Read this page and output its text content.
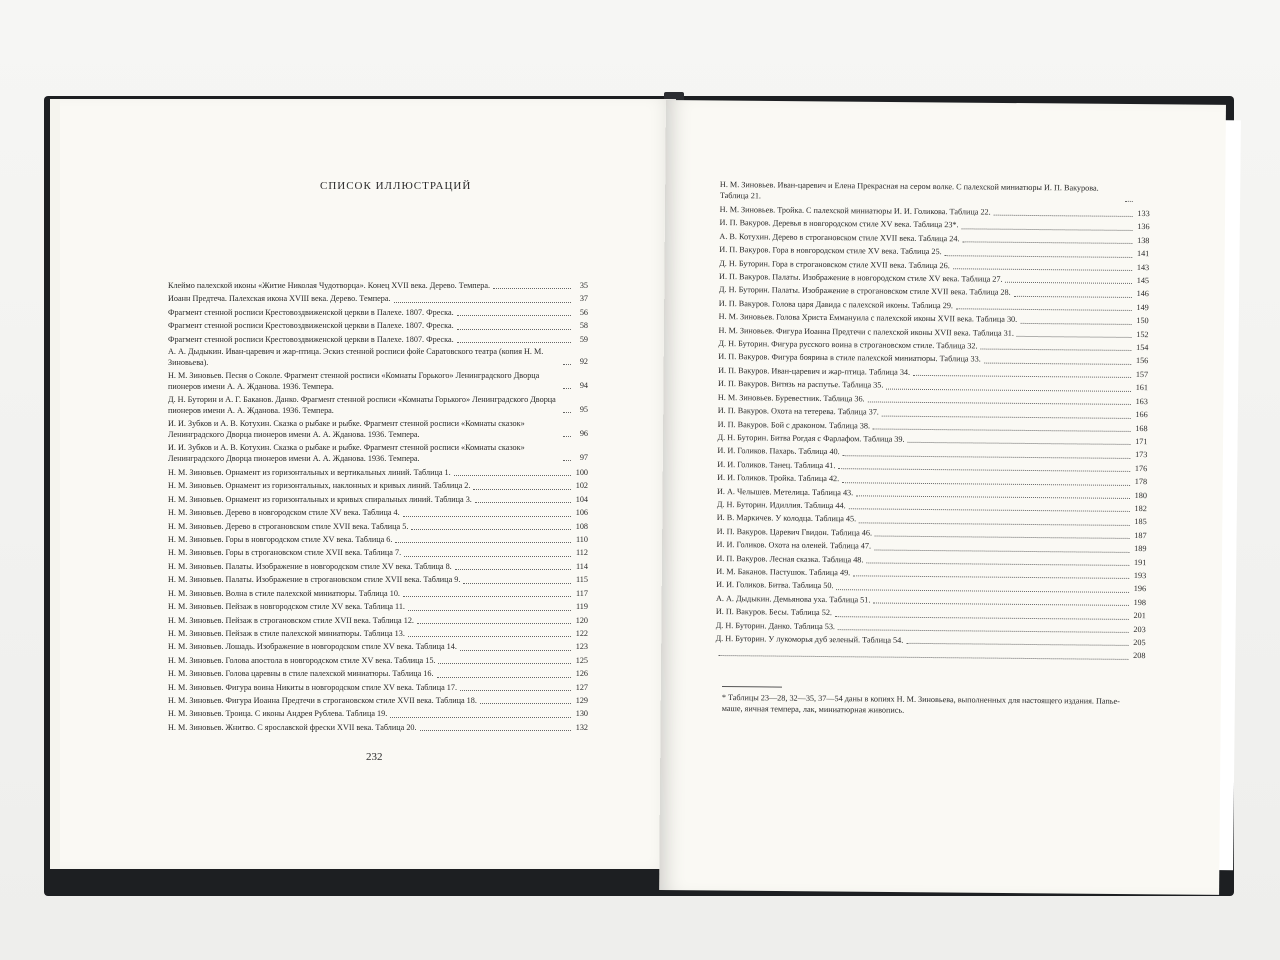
СПИСОК ИЛЛЮСТРАЦИЙ
Клеймо палехской иконы «Житие Николая Чудотворца». Конец XVII века. Дерево. Темпера.	35
Иоанн Предтеча. Палехская икона XVIII века. Дерево. Темпера.	37
Фрагмент стенной росписи Крестовоздвиженской церкви в Палехе. 1807. Фреска.	56
Фрагмент стенной росписи Крестовоздвиженской церкви в Палехе. 1807. Фреска.	58
Фрагмент стенной росписи Крестовоздвиженской церкви в Палехе. 1807. Фреска.	59
А. А. Дыдыкин. Иван-царевич и жар-птица. Эскиз стенной росписи фойе Саратовского театра (копия Н. М. Зиновьева).	92
Н. М. Зиновьев. Песня о Соколе. Фрагмент стенной росписи «Комнаты Горького» Ленинградского Дворца пионеров имени А. А. Жданова. 1936. Темпера.	94
Д. Н. Буторин и А. Г. Баканов. Данко. Фрагмент стенной росписи «Комнаты Горького» Ленинградского Дворца пионеров имени А. А. Жданова. 1936. Темпера.	95
И. И. Зубков и А. В. Котухин. Сказка о рыбаке и рыбке. Фрагмент стенной росписи «Комнаты сказок» Ленинградского Дворца пионеров имени А. А. Жданова. 1936. Темпера.	96
И. И. Зубков и А. В. Котухин. Сказка о рыбаке и рыбке. Фрагмент стенной росписи «Комнаты сказок» Ленинградского Дворца пионеров имени А. А. Жданова. 1936. Темпера.	97
Н. М. Зиновьев. Орнамент из горизонтальных и вертикальных линий. Таблица 1.	100
Н. М. Зиновьев. Орнамент из горизонтальных, наклонных и кривых линий. Таблица 2.	102
Н. М. Зиновьев. Орнамент из горизонтальных и кривых спиральных линий. Таблица 3.	104
Н. М. Зиновьев. Дерево в новгородском стиле XV века. Таблица 4.	106
Н. М. Зиновьев. Дерево в строгановском стиле XVII века. Таблица 5.	108
Н. М. Зиновьев. Горы в новгородском стиле XV века. Таблица 6.	110
Н. М. Зиновьев. Горы в строгановском стиле XVII века. Таблица 7.	112
Н. М. Зиновьев. Палаты. Изображение в новгородском стиле XV века. Таблица 8.	114
Н. М. Зиновьев. Палаты. Изображение в строгановском стиле XVII века. Таблица 9.	115
Н. М. Зиновьев. Волна в стиле палехской миниатюры. Таблица 10.	117
Н. М. Зиновьев. Пейзаж в новгородском стиле XV века. Таблица 11.	119
Н. М. Зиновьев. Пейзаж в строгановском стиле XVII века. Таблица 12.	120
Н. М. Зиновьев. Пейзаж в стиле палехской миниатюры. Таблица 13.	122
Н. М. Зиновьев. Лошадь. Изображение в новгородском стиле XV века. Таблица 14.	123
Н. М. Зиновьев. Голова апостола в новгородском стиле XV века. Таблица 15.	125
Н. М. Зиновьев. Голова царевны в стиле палехской миниатюры. Таблица 16.	126
Н. М. Зиновьев. Фигура воина Никиты в новгородском стиле XV века. Таблица 17.	127
Н. М. Зиновьев. Фигура Иоанна Предтечи в строгановском стиле XVII века. Таблица 18.	129
Н. М. Зиновьев. Троица. С иконы Андрея Рублева. Таблица 19.	130
Н. М. Зиновьев. Жнитво. С ярославской фрески XVII века. Таблица 20.	132
232
Н. М. Зиновьев. Иван-царевич и Елена Прекрасная на сером волке. С палехской миниатюры И. П. Вакурова. Таблица 21.
Н. М. Зиновьев. Тройка. С палехской миниатюры И. И. Голикова. Таблица 22.	133
И. П. Вакуров. Деревья в новгородском стиле XV века. Таблица 23*.	136
А. В. Котухин. Дерево в строгановском стиле XVII века. Таблица 24.	138
И. П. Вакуров. Гора в новгородском стиле XV века. Таблица 25.	141
Д. Н. Буторин. Гора в строгановском стиле XVII века. Таблица 26.	143
И. П. Вакуров. Палаты. Изображение в новгородском стиле XV века. Таблица 27.	145
Д. Н. Буторин. Палаты. Изображение в строгановском стиле XVII века. Таблица 28.	146
И. П. Вакуров. Голова царя Давида с палехской иконы. Таблица 29.	149
Н. М. Зиновьев. Голова Христа Еммануила с палехской иконы XVII века. Таблица 30.	150
Н. М. Зиновьев. Фигура Иоанна Предтечи с палехской иконы XVII века. Таблица 31.	152
Д. Н. Буторин. Фигура русского воина в строгановском стиле. Таблица 32.	154
И. П. Вакуров. Фигура боярина в стиле палехской миниатюры. Таблица 33.	156
И. П. Вакуров. Иван-царевич и жар-птица. Таблица 34.	157
И. П. Вакуров. Витязь на распутье. Таблица 35.	161
Н. М. Зиновьев. Буревестник. Таблица 36.	163
И. П. Вакуров. Охота на тетерева. Таблица 37.	166
И. П. Вакуров. Бой с драконом. Таблица 38.	168
Д. Н. Буторин. Битва Рогдая с Фарлафом. Таблица 39.	171
И. И. Голиков. Пахарь. Таблица 40.	173
И. И. Голиков. Танец. Таблица 41.	176
И. И. Голиков. Тройка. Таблица 42.	178
И. А. Челышев. Метелица. Таблица 43.	180
Д. Н. Буторин. Идиллия. Таблица 44.	182
И. В. Маркичев. У колодца. Таблица 45.	185
И. П. Вакуров. Царевич Гвидон. Таблица 46.	187
И. И. Голиков. Охота на оленей. Таблица 47.	189
И. П. Вакуров. Лесная сказка. Таблица 48.	191
И. М. Баканов. Пастушок. Таблица 49.	193
И. И. Голиков. Битва. Таблица 50.	196
А. А. Дыдыкин. Демьянова уха. Таблица 51.	198
И. П. Вакуров. Бесы. Таблица 52.	201
Д. Н. Буторин. Данко. Таблица 53.	203
Д. Н. Буторин. У лукоморья дуб зеленый. Таблица 54.	205
208
* Таблицы 23—28, 32—35, 37—54 даны в копиях Н. М. Зиновьева, выполненных для настоящего издания. Папье-маше, яичная темпера, лак, миниатюрная живопись.
